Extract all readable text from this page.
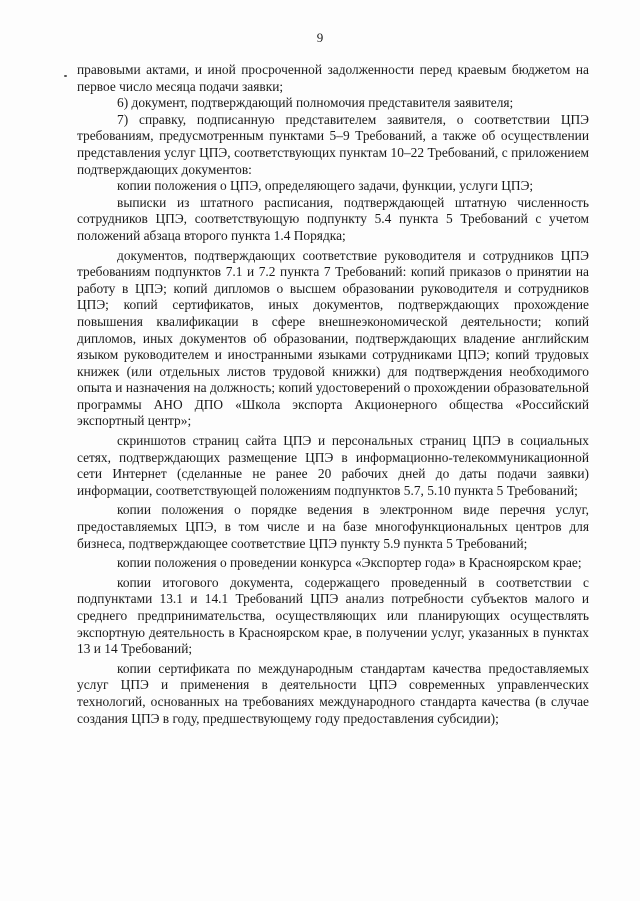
9

правовыми актами, и иной просроченной задолженности перед краевым бюджетом на первое число месяца подачи заявки;

6) документ, подтверждающий полномочия представителя заявителя;

7) справку, подписанную представителем заявителя, о соответствии ЦПЭ требованиям, предусмотренным пунктами 5–9 Требований, а также об осуществлении представления услуг ЦПЭ, соответствующих пунктам 10–22 Требований, с приложением подтверждающих документов:

копии положения о ЦПЭ, определяющего задачи, функции, услуги ЦПЭ;

выписки из штатного расписания, подтверждающей штатную численность сотрудников ЦПЭ, соответствующую подпункту 5.4 пункта 5 Требований с учетом положений абзаца второго пункта 1.4 Порядка;

документов, подтверждающих соответствие руководителя и сотрудников ЦПЭ требованиям подпунктов 7.1 и 7.2 пункта 7 Требований: копий приказов о принятии на работу в ЦПЭ; копий дипломов о высшем образовании руководителя и сотрудников ЦПЭ; копий сертификатов, иных документов, подтверждающих прохождение повышения квалификации в сфере внешнеэкономической деятельности; копий дипломов, иных документов об образовании, подтверждающих владение английским языком руководителем и иностранными языками сотрудниками ЦПЭ; копий трудовых книжек (или отдельных листов трудовой книжки) для подтверждения необходимого опыта и назначения на должность; копий удостоверений о прохождении образовательной программы АНО ДПО «Школа экспорта Акционерного общества «Российский экспортный центр»;

скриншотов страниц сайта ЦПЭ и персональных страниц ЦПЭ в социальных сетях, подтверждающих размещение ЦПЭ в информационно-телекоммуникационной сети Интернет (сделанные не ранее 20 рабочих дней до даты подачи заявки) информации, соответствующей положениям подпунктов 5.7, 5.10 пункта 5 Требований;

копии положения о порядке ведения в электронном виде перечня услуг, предоставляемых ЦПЭ, в том числе и на базе многофункциональных центров для бизнеса, подтверждающее соответствие ЦПЭ пункту 5.9 пункта 5 Требований;

копии положения о проведении конкурса «Экспортер года» в Красноярском крае;

копии итогового документа, содержащего проведенный в соответствии с подпунктами 13.1 и 14.1 Требований ЦПЭ анализ потребности субъектов малого и среднего предпринимательства, осуществляющих или планирующих осуществлять экспортную деятельность в Красноярском крае, в получении услуг, указанных в пунктах 13 и 14 Требований;

копии сертификата по международным стандартам качества предоставляемых услуг ЦПЭ и применения в деятельности ЦПЭ современных управленческих технологий, основанных на требованиях международного стандарта качества (в случае создания ЦПЭ в году, предшествующему году предоставления субсидии);
